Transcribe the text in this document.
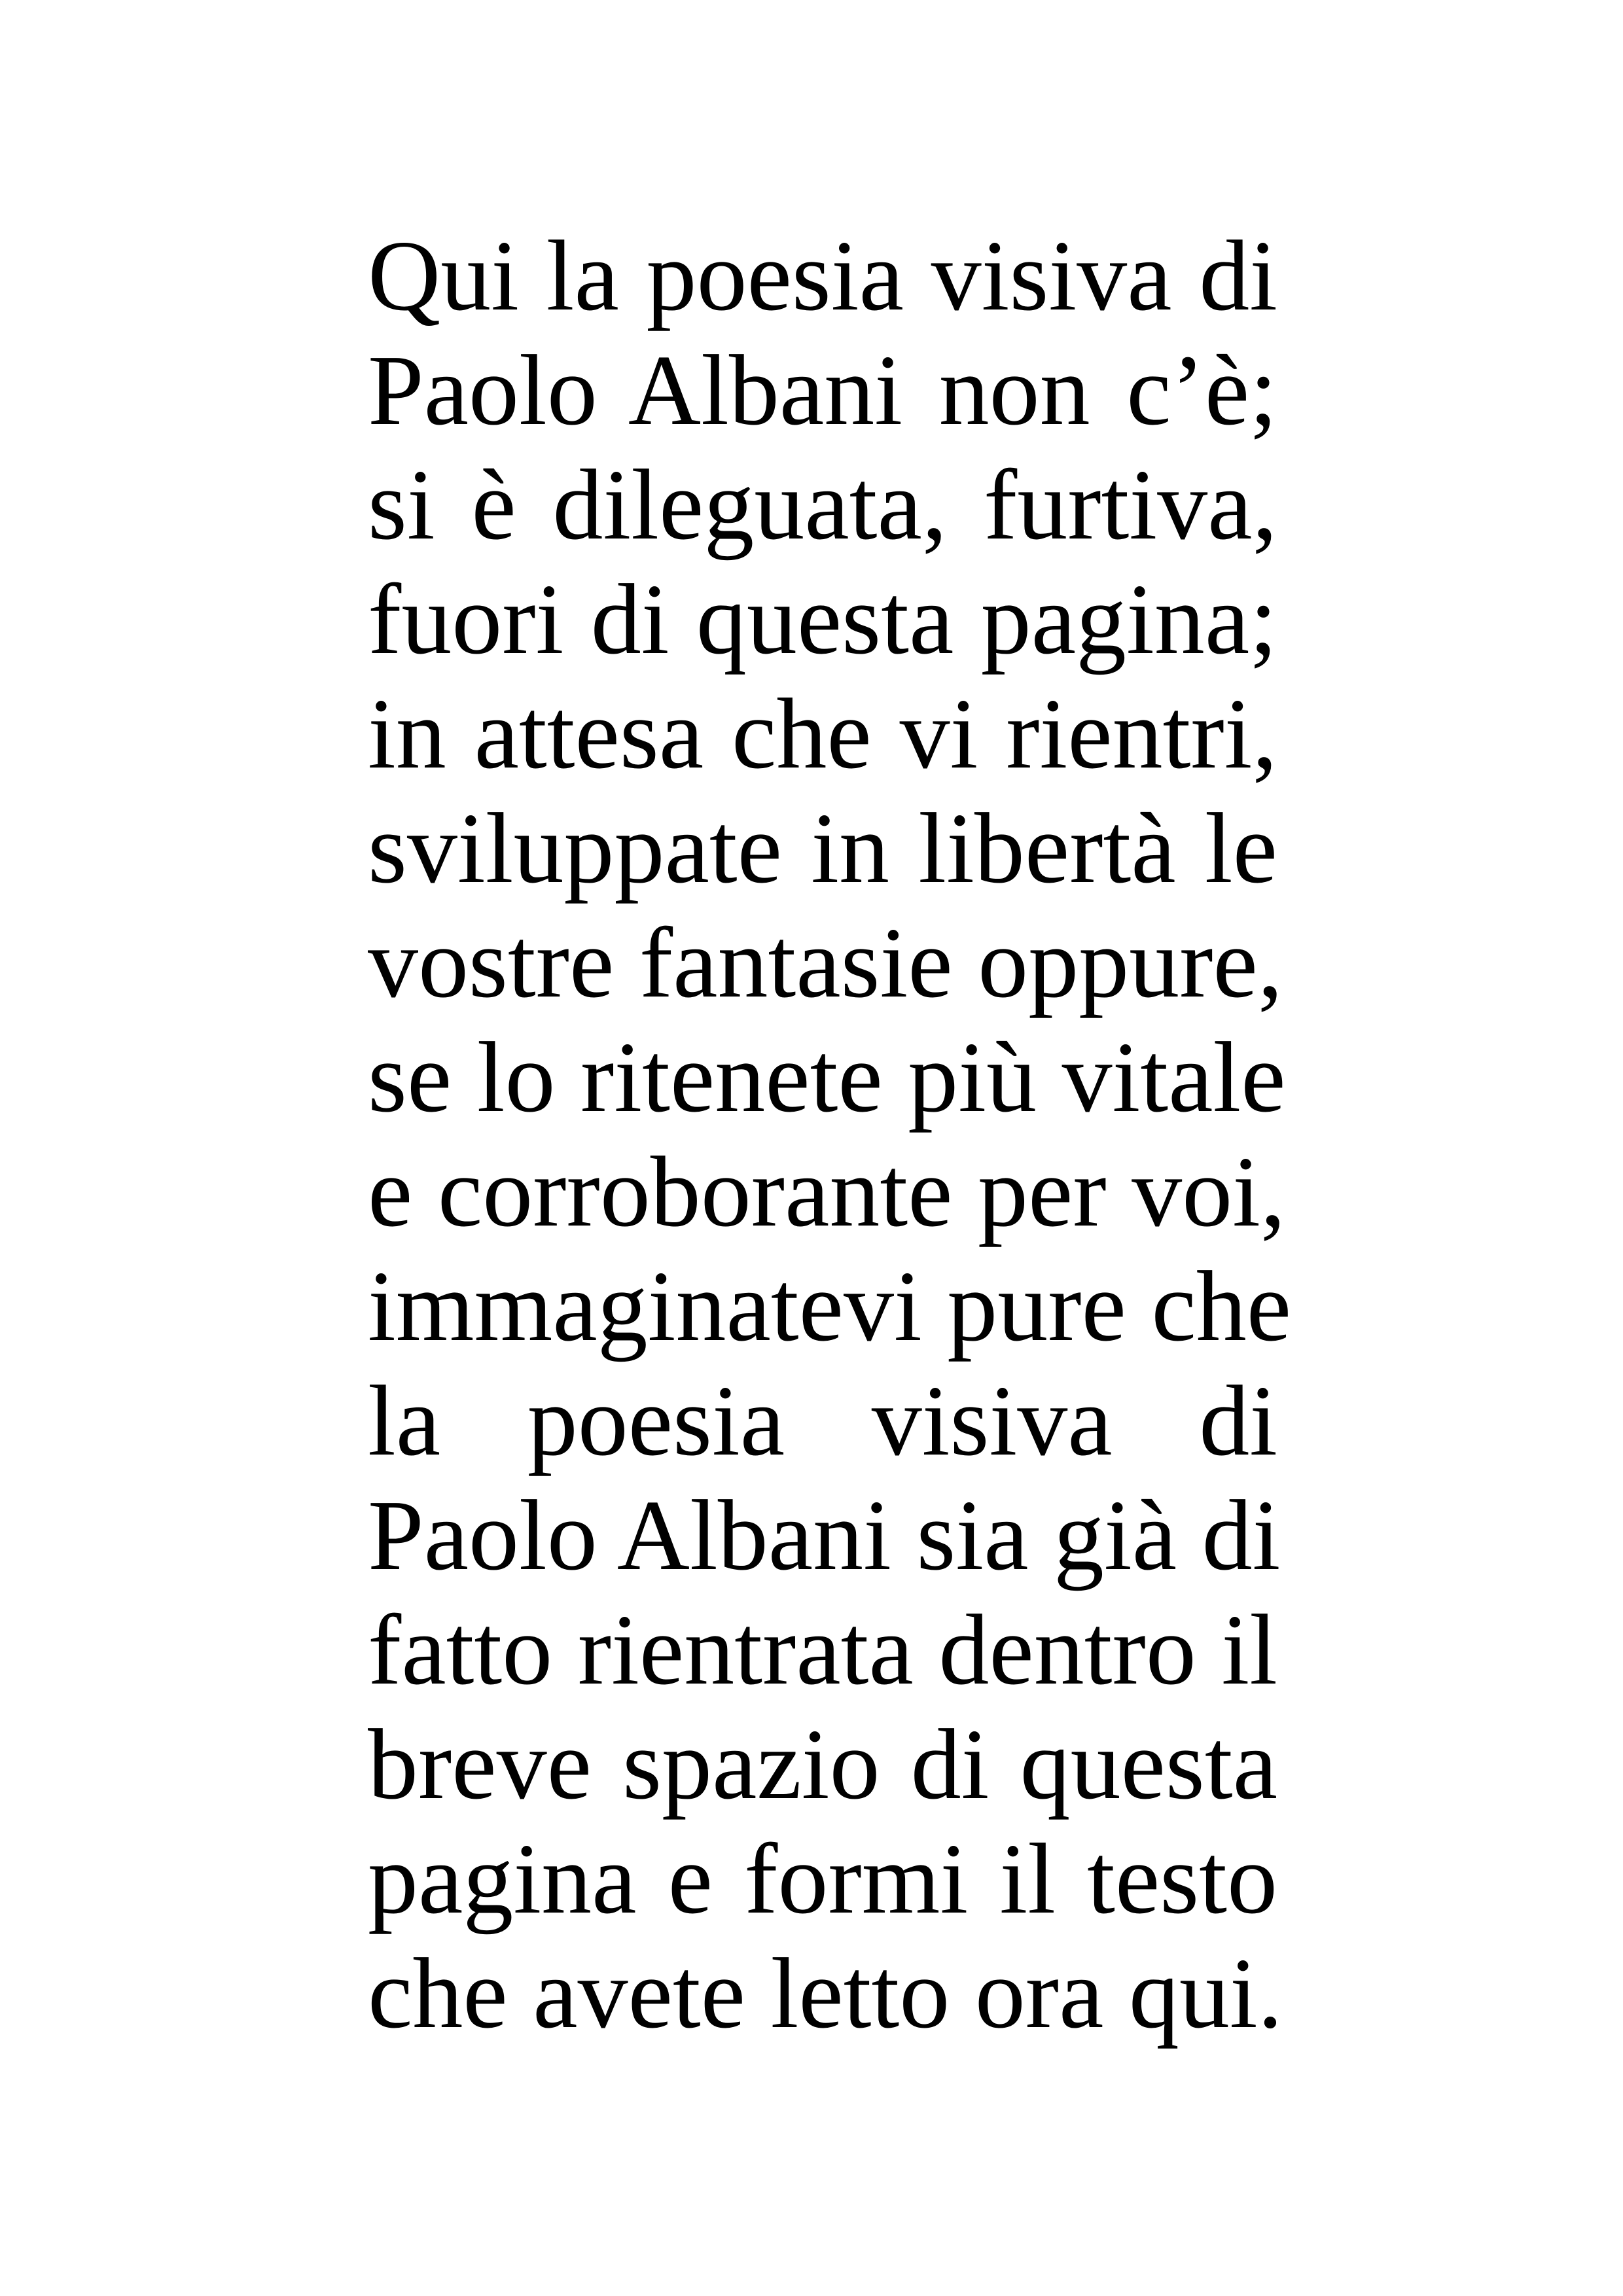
Qui la poesia visiva di
Paolo Albani non c’è;
si è dileguata, furtiva,
fuori di questa pagina;
in attesa che vi rientri,
sviluppate in libertà le
vostre fantasie oppure,
se lo ritenete più vitale
e corroborante per voi,
immaginatevi pure che
la poesia visiva di
Paolo Albani sia già di
fatto rientrata dentro il
breve spazio di questa
pagina e formi il testo
che avete letto ora qui.
